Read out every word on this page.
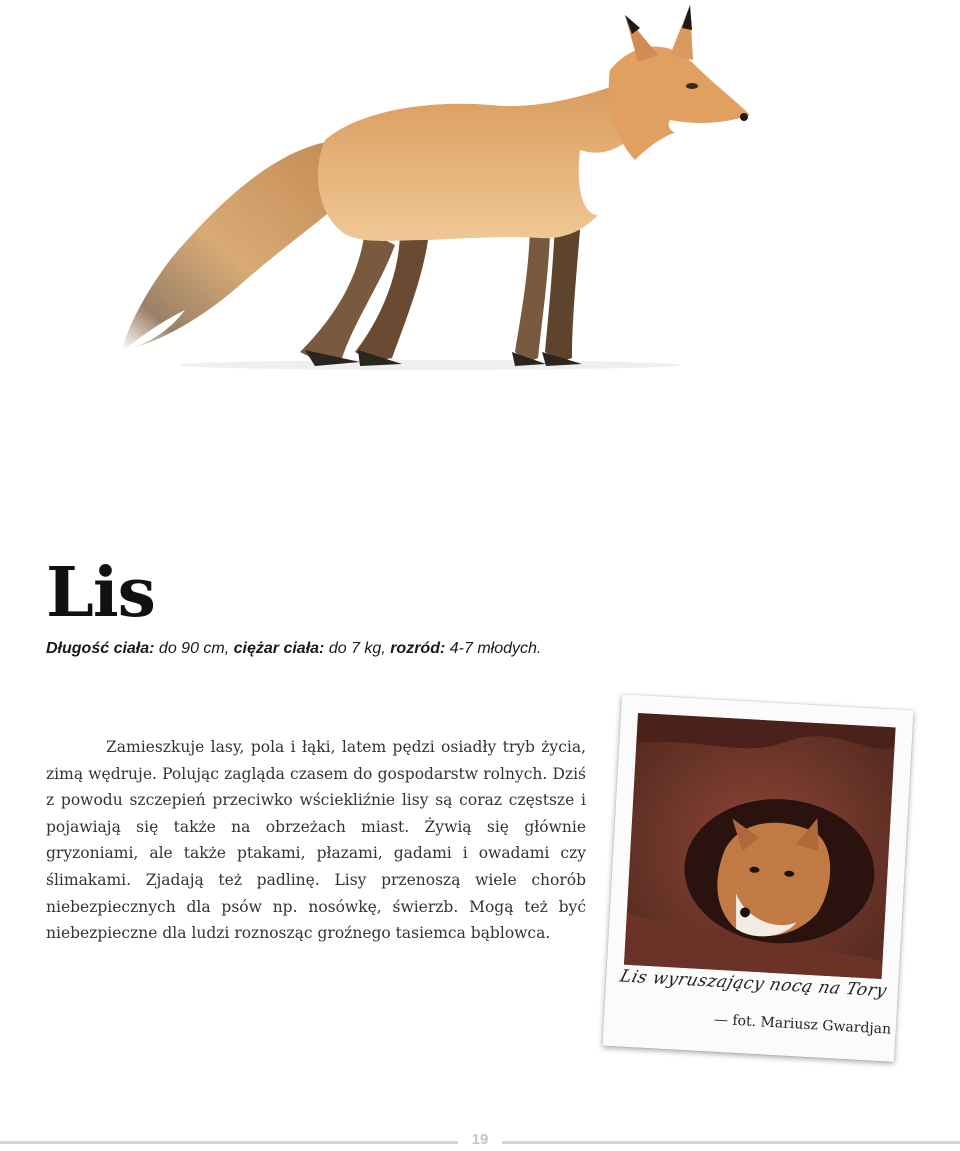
Lis
Długość ciała: do 90 cm, ciężar ciała: do 7 kg, rozród: 4-7 młodych.

Zamieszkuje lasy, pola i łąki, latem pędzi osiadły tryb życia, zimą wędruje. Polując zagląda czasem do gospodarstw rolnych. Dziś z powodu szczepień przeciwko wściekliźnie lisy są coraz częstsze i pojawiają się także na obrzeżach miast. Żywią się głównie gryzoniami, ale także ptakami, płazami, gadami i owadami czy ślimakami. Zjadają też padlinę. Lisy przenoszą wiele chorób niebezpiecznych dla psów np. nosówkę, świerzb. Mogą też być niebezpieczne dla ludzi roznosząc groźnego tasiemca bąblowca.

Lis wyruszający nocą na Tory
— fot. Mariusz Gwardjan
19
